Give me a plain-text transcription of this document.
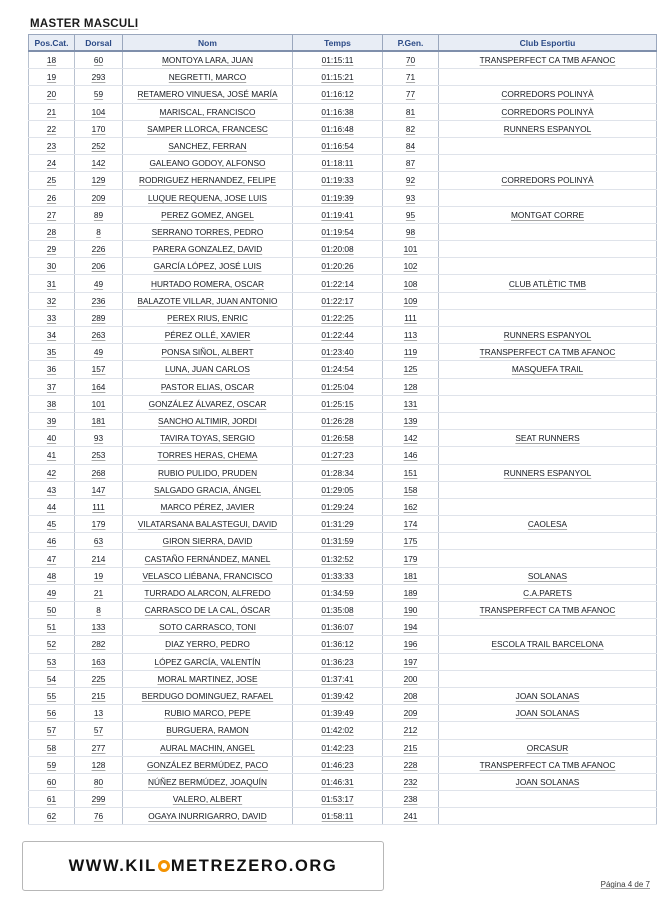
MASTER MASCULI
Pos.Cat.	Dorsal	Nom	Temps	P.Gen.	Club Esportiu
18	60	MONTOYA LARA, JUAN	01:15:11	70	TRANSPERFECT CA TMB AFANOC
19	293	NEGRETTI, MARCO	01:15:21	71	
20	59	RETAMERO VINUESA, JOSÉ MARÍA	01:16:12	77	CORREDORS POLINYÀ
21	104	MARISCAL, FRANCISCO	01:16:38	81	CORREDORS POLINYÀ
22	170	SAMPER LLORCA, FRANCESC	01:16:48	82	RUNNERS ESPANYOL
23	252	SANCHEZ, FERRAN	01:16:54	84	
24	142	GALEANO GODOY, ALFONSO	01:18:11	87	
25	129	RODRIGUEZ HERNANDEZ, FELIPE	01:19:33	92	CORREDORS POLINYÀ
26	209	LUQUE REQUENA, JOSE LUIS	01:19:39	93	
27	89	PEREZ GOMEZ, ANGEL	01:19:41	95	MONTGAT CORRE
28	8	SERRANO TORRES, PEDRO	01:19:54	98	
29	226	PARERA GONZALEZ, DAVID	01:20:08	101	
30	206	GARCÍA LÓPEZ, JOSÉ LUIS	01:20:26	102	
31	49	HURTADO ROMERA, OSCAR	01:22:14	108	CLUB ATLÈTIC TMB
32	236	BALAZOTE VILLAR, JUAN ANTONIO	01:22:17	109	
33	289	PEREX RIUS, ENRIC	01:22:25	111	
34	263	PÉREZ OLLÉ, XAVIER	01:22:44	113	RUNNERS ESPANYOL
35	49	PONSA SIÑOL, ALBERT	01:23:40	119	TRANSPERFECT CA TMB AFANOC
36	157	LUNA, JUAN CARLOS	01:24:54	125	MASQUEFA TRAIL
37	164	PASTOR ELIAS, OSCAR	01:25:04	128	
38	101	GONZÁLEZ ÁLVAREZ, OSCAR	01:25:15	131	
39	181	SANCHO ALTIMIR, JORDI	01:26:28	139	
40	93	TAVIRA TOYAS, SERGIO	01:26:58	142	SEAT RUNNERS
41	253	TORRES HERAS, CHEMA	01:27:23	146	
42	268	RUBIO PULIDO, PRUDEN	01:28:34	151	RUNNERS ESPANYOL
43	147	SALGADO GRACIA, ÁNGEL	01:29:05	158	
44	111	MARCO PÉREZ, JAVIER	01:29:24	162	
45	179	VILATARSANA BALASTEGUI, DAVID	01:31:29	174	CAOLESA
46	63	GIRON SIERRA, DAVID	01:31:59	175	
47	214	CASTAÑO FERNÁNDEZ, MANEL	01:32:52	179	
48	19	VELASCO LIÉBANA, FRANCISCO	01:33:33	181	SOLANAS
49	21	TURRADO ALARCON, ALFREDO	01:34:59	189	C.A.PARETS
50	8	CARRASCO DE LA CAL, ÓSCAR	01:35:08	190	TRANSPERFECT CA TMB AFANOC
51	133	SOTO CARRASCO, TONI	01:36:07	194	
52	282	DIAZ YERRO, PEDRO	01:36:12	196	ESCOLA TRAIL BARCELONA
53	163	LÓPEZ GARCÍA, VALENTÍN	01:36:23	197	
54	225	MORAL MARTINEZ, JOSE	01:37:41	200	
55	215	BERDUGO DOMINGUEZ, RAFAEL	01:39:42	208	JOAN SOLANAS
56	13	RUBIO MARCO, PEPE	01:39:49	209	JOAN SOLANAS
57	57	BURGUERA, RAMON	01:42:02	212	
58	277	AURAL MACHIN, ANGEL	01:42:23	215	ORCASUR
59	128	GONZÁLEZ BERMÚDEZ, PACO	01:46:23	228	TRANSPERFECT CA TMB AFANOC
60	80	NÚÑEZ BERMÚDEZ, JOAQUÍN	01:46:31	232	JOAN SOLANAS
61	299	VALERO, ALBERT	01:53:17	238	
62	76	OGAYA INURRIGARRO, DAVID	01:58:11	241	
WWW.KIL METREZERO.ORG
Página 4 de 7
